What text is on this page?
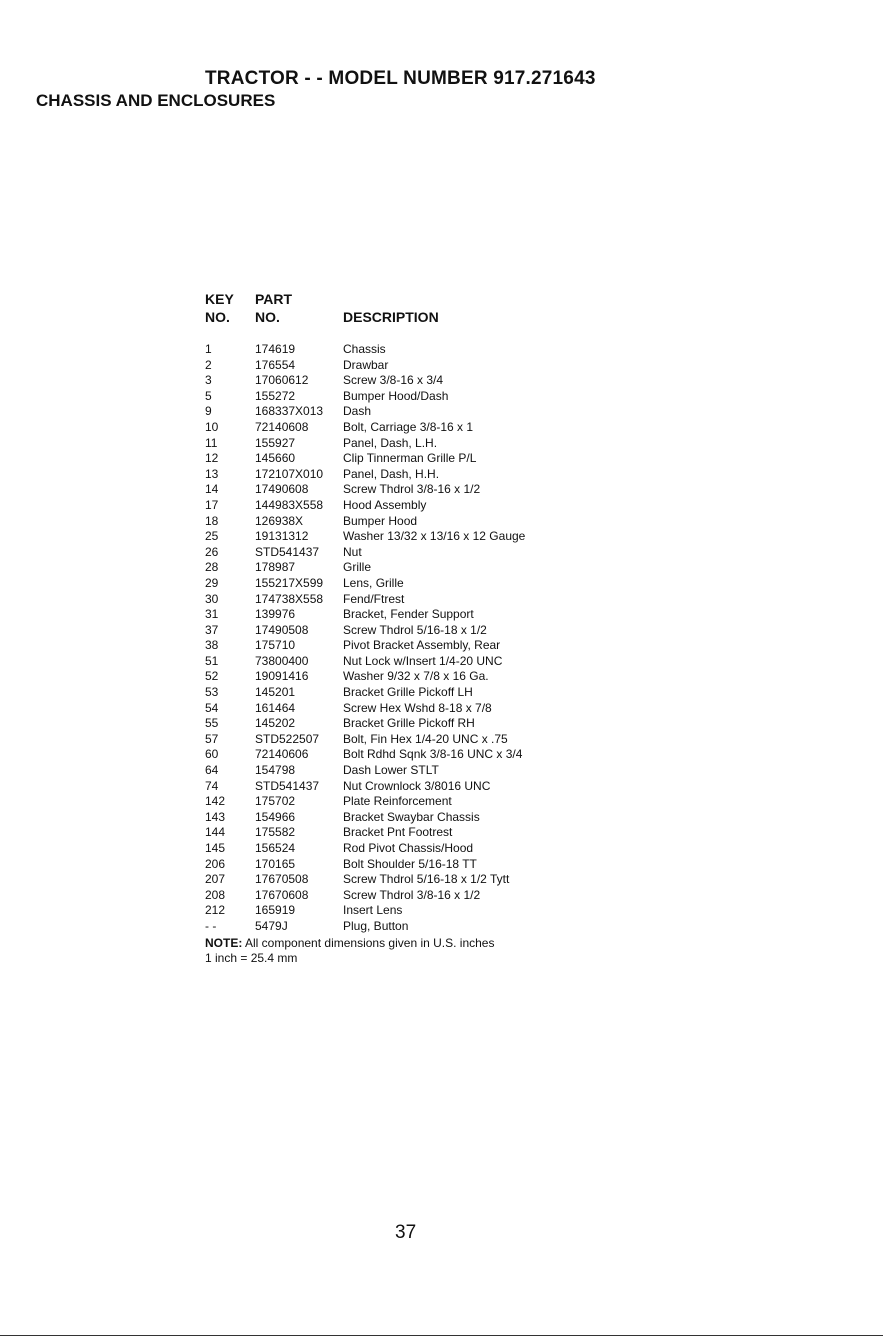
TRACTOR - - MODEL NUMBER 917.271643
CHASSIS AND ENCLOSURES
KEY PART
NO. NO.	DESCRIPTION
1	174619	Chassis
2	176554	Drawbar
3	17060612	Screw 3/8-16 x 3/4
5	155272	Bumper Hood/Dash
9	168337X013 Dash
10	72140608	Bolt, Carriage 3/8-16 x 1
11	155927	Panel, Dash, L.H.
12	145660	Clip Tinnerman Grille P/L
13	172107X010 Panel, Dash, H.H.
14	17490608	Screw Thdrol 3/8-16 x 1/2
17	144983X558 Hood Assembly
18	126938X	Bumper Hood
25	19131312	Washer 13/32 x 13/16 x 12 Gauge
26	STD541437 Nut
28	178987	Grille
29	155217X599 Lens, Grille
30	174738X558 Fend/Ftrest
31	139976	Bracket, Fender Support
37	17490508	Screw Thdrol 5/16-18 x 1/2
38	175710	Pivot Bracket Assembly, Rear
51	73800400	Nut Lock w/Insert 1/4-20 UNC
52	19091416	Washer 9/32 x 7/8 x 16 Ga.
53	145201	Bracket Grille Pickoff LH
54	161464	Screw Hex Wshd 8-18 x 7/8
55	145202	Bracket Grille Pickoff RH
57	STD522507 Bolt, Fin Hex 1/4-20 UNC x .75
60	72140606	Bolt Rdhd Sqnk 3/8-16 UNC x 3/4
64	154798	Dash Lower STLT
74	STD541437 Nut Crownlock 3/8016 UNC
142 175702	Plate Reinforcement
143 154966	Bracket Swaybar Chassis
144 175582	Bracket Pnt Footrest
145 156524	Rod Pivot Chassis/Hood
206 170165	Bolt Shoulder 5/16-18 TT
207 17670508	Screw Thdrol 5/16-18 x 1/2 Tytt
208 17670608	Screw Thdrol 3/8-16 x 1/2
212 165919	Insert Lens
- -	5479J	Plug, Button
NOTE: All component dimensions given in U.S. inches
1 inch = 25.4 mm
37
